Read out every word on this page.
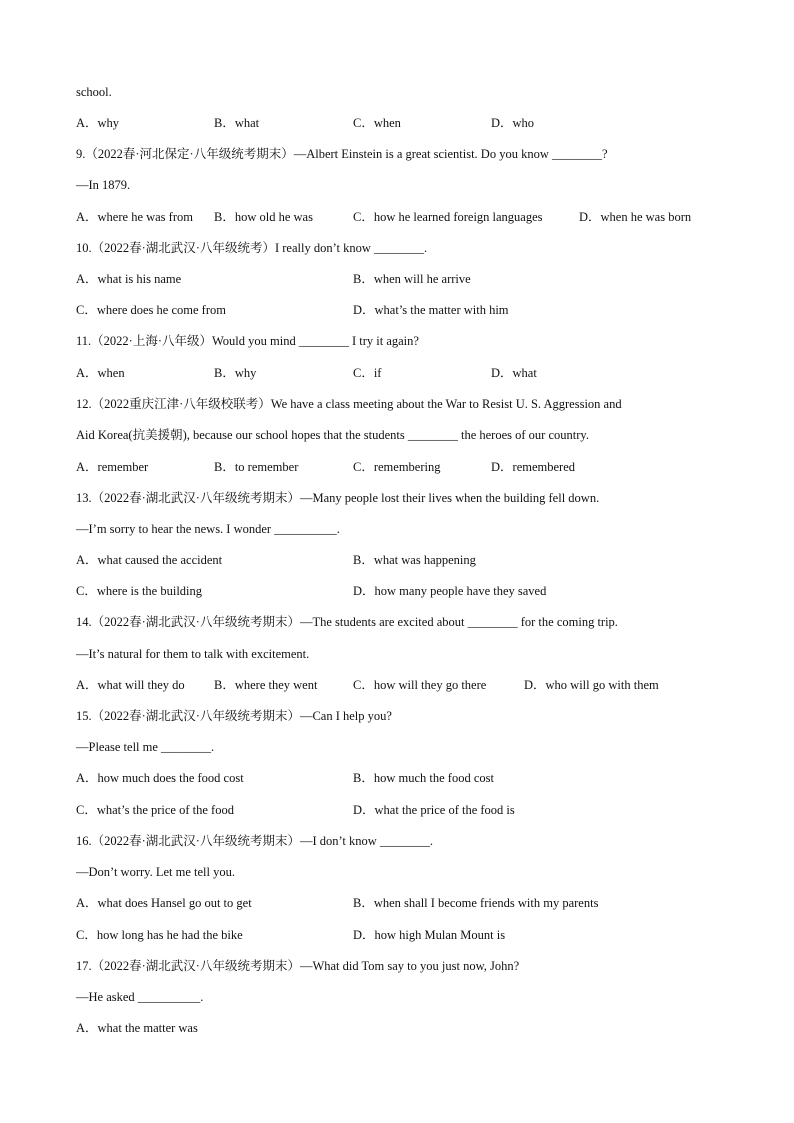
school.
A．why	B．what	C．when	D．who
9.（2022春·河北保定·八年级统考期末）—Albert Einstein is a great scientist. Do you know ________?
—In 1879.
A．where he was from B．how old he was	C．how he learned foreign languages	D．when he was born
10.（2022春·湖北武汉·八年级统考）I really don’t know ________.
A．what is his name	B．when will he arrive
C．where does he come from	D．what’s the matter with him
11.（2022·上海·八年级）Would you mind ________ I try it again?
A．when	B．why	C．if	D．what
12.（2022重庆江津·八年级校联考）We have a class meeting about the War to Resist U. S. Aggression and
Aid Korea(抗美援朝), because our school hopes that the students ________ the heroes of our country.
A．remember	B．to remember	C．remembering	D．remembered
13.（2022春·湖北武汉·八年级统考期末）—Many people lost their lives when the building fell down.
—I’m sorry to hear the news. I wonder __________.
A．what caused the accident	B．what was happening
C．where is the building	D．how many people have they saved
14.（2022春·湖北武汉·八年级统考期末）—The students are excited about ________ for the coming trip.
—It’s natural for them to talk with excitement.
A．what will they do B．where they went	C．how will they go there	D．who will go with them
15.（2022春·湖北武汉·八年级统考期末）—Can I help you?
—Please tell me ________.
A．how much does the food cost	B．how much the food cost
C．what’s the price of the food	D．what the price of the food is
16.（2022春·湖北武汉·八年级统考期末）—I don’t know ________.
—Don’t worry. Let me tell you.
A．what does Hansel go out to get	B．when shall I become friends with my parents
C．how long has he had the bike	D．how high Mulan Mount is
17.（2022春·湖北武汉·八年级统考期末）—What did Tom say to you just now, John?
—He asked __________.
A．what the matter was
